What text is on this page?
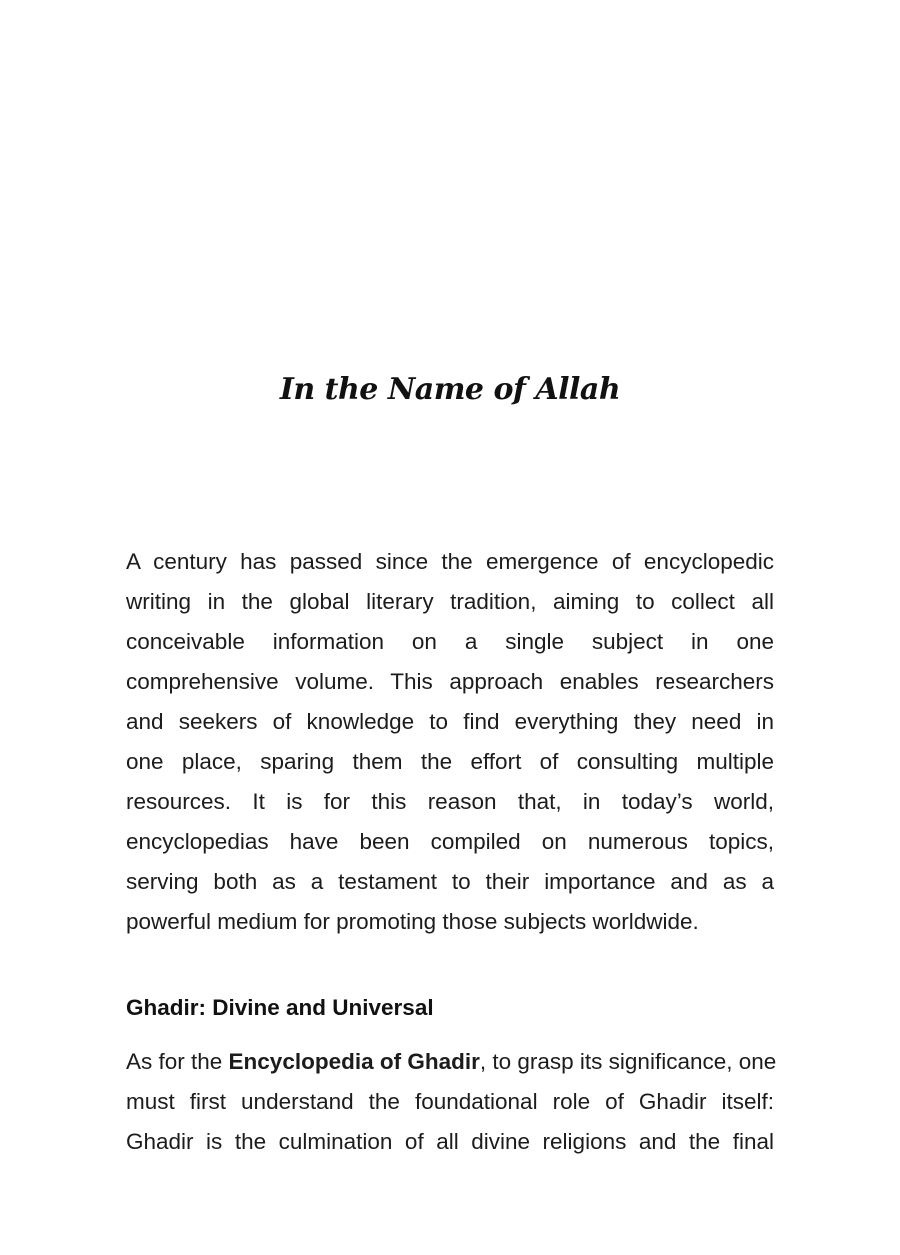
In the Name of Allah
A century has passed since the emergence of encyclopedic
writing in the global literary tradition, aiming to collect all
conceivable information on a single subject in one
comprehensive volume. This approach enables researchers
and seekers of knowledge to find everything they need in
one place, sparing them the effort of consulting multiple
resources. It is for this reason that, in today’s world,
encyclopedias have been compiled on numerous topics,
serving both as a testament to their importance and as a
powerful medium for promoting those subjects worldwide.
Ghadir: Divine and Universal
As for the Encyclopedia of Ghadir, to grasp its significance, one
must first understand the foundational role of Ghadir itself:
Ghadir is the culmination of all divine religions and the final
